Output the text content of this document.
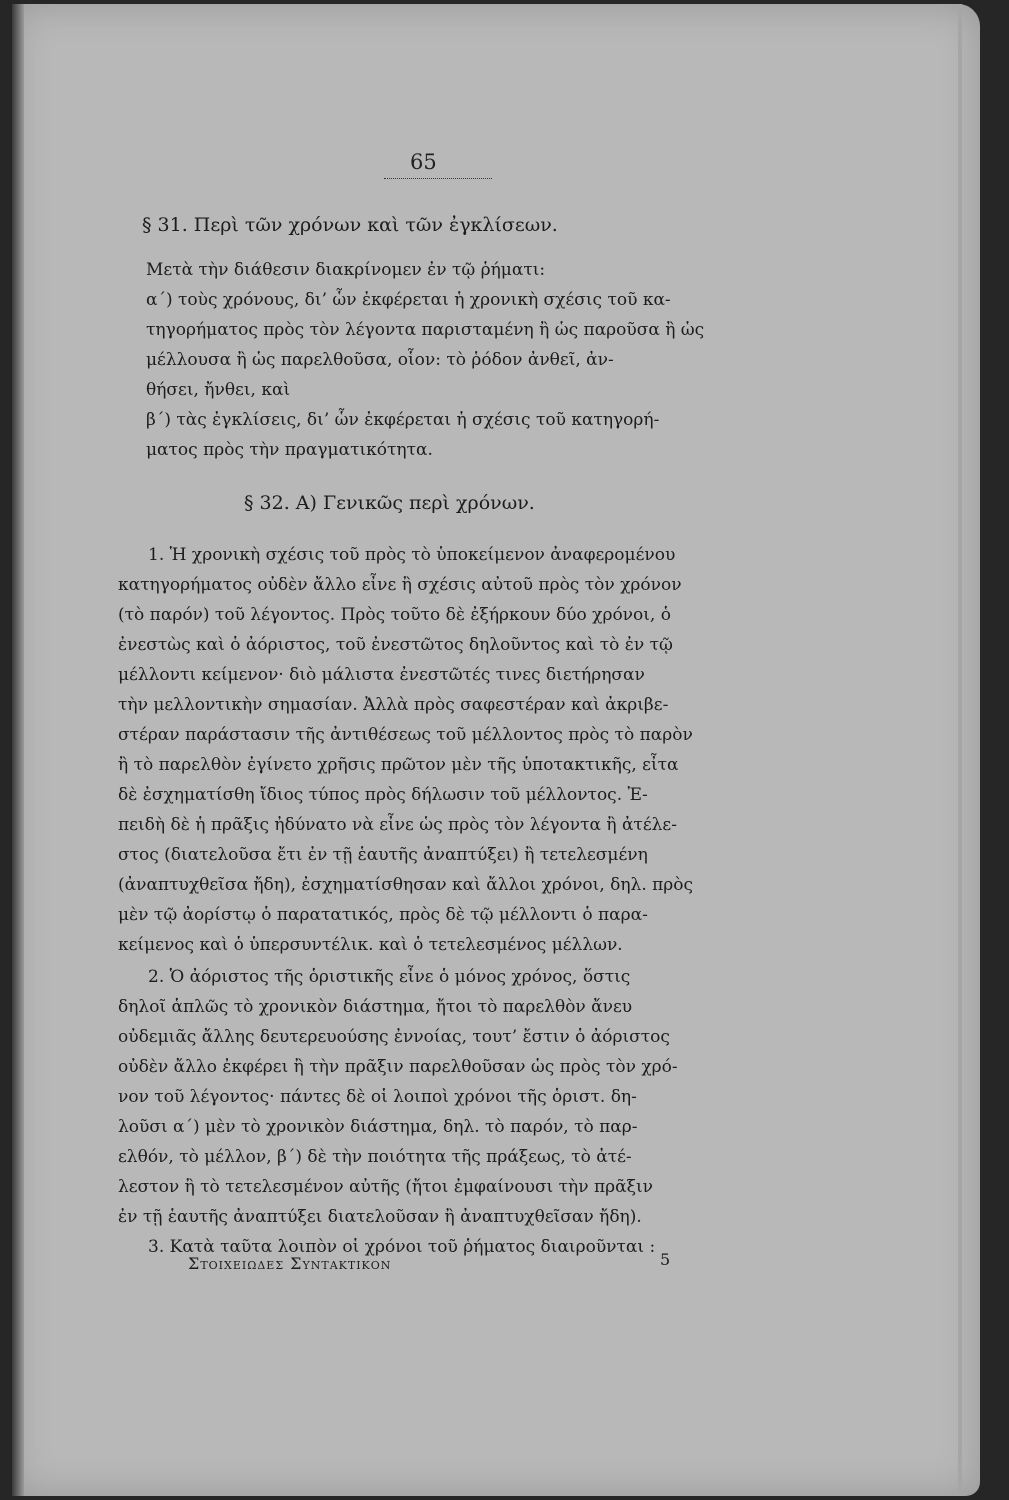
65
§ 31. Περὶ τῶν χρόνων καὶ τῶν ἐγκλίσεων.
Μετὰ τὴν διάθεσιν διακρίνομεν ἐν τῷ ῥήματι:
α΄) τοὺς χρόνους, δι’ ὧν ἐκφέρεται ἡ χρονικὴ σχέσις τοῦ κα-
τηγορήματος πρὸς τὸν λέγοντα παρισταμένη ἢ ὡς παροῦσα ἢ ὡς
μέλλουσα ἢ ὡς παρελθοῦσα, οἷον: τὸ ῥόδον ἀνθεῖ, ἀν-
θήσει, ἤνθει, καὶ
β΄) τὰς ἐγκλίσεις, δι’ ὧν ἐκφέρεται ἡ σχέσις τοῦ κατηγορή-
ματος πρὸς τὴν πραγματικότητα.
§ 32. Α) Γενικῶς περὶ χρόνων.
1. Ἡ χρονικὴ σχέσις τοῦ πρὸς τὸ ὑποκείμενον ἀναφερομένου
κατηγορήματος οὐδὲν ἄλλο εἶνε ἢ σχέσις αὐτοῦ πρὸς τὸν χρόνον
(τὸ παρόν) τοῦ λέγοντος. Πρὸς τοῦτο δὲ ἐξήρκουν δύο χρόνοι, ὁ
ἐνεστὼς καὶ ὁ ἀόριστος, τοῦ ἐνεστῶτος δηλοῦντος καὶ τὸ ἐν τῷ
μέλλοντι κείμενον· διὸ μάλιστα ἐνεστῶτές τινες διετήρησαν
τὴν μελλοντικὴν σημασίαν. Ἀλλὰ πρὸς σαφεστέραν καὶ ἀκριβε-
στέραν παράστασιν τῆς ἀντιθέσεως τοῦ μέλλοντος πρὸς τὸ παρὸν
ἢ τὸ παρελθὸν ἐγίνετο χρῆσις πρῶτον μὲν τῆς ὑποτακτικῆς, εἶτα
δὲ ἐσχηματίσθη ἴδιος τύπος πρὸς δήλωσιν τοῦ μέλλοντος. Ἐ-
πειδὴ δὲ ἡ πρᾶξις ἠδύνατο νὰ εἶνε ὡς πρὸς τὸν λέγοντα ἢ ἀτέλε-
στος (διατελοῦσα ἔτι ἐν τῇ ἑαυτῆς ἀναπτύξει) ἢ τετελεσμένη
(ἀναπτυχθεῖσα ἤδη), ἐσχηματίσθησαν καὶ ἄλλοι χρόνοι, δηλ. πρὸς
μὲν τῷ ἀορίστῳ ὁ παρατατικός, πρὸς δὲ τῷ μέλλοντι ὁ παρα-
κείμενος καὶ ὁ ὑπερσυντέλικ. καὶ ὁ τετελεσμένος μέλλων.
2. Ὁ ἀόριστος τῆς ὁριστικῆς εἶνε ὁ μόνος χρόνος, ὅστις
δηλοῖ ἁπλῶς τὸ χρονικὸν διάστημα, ἤτοι τὸ παρελθὸν ἄνευ
οὐδεμιᾶς ἄλλης δευτερευούσης ἐννοίας, τουτ’ ἔστιν ὁ ἀόριστος
οὐδὲν ἄλλο ἐκφέρει ἢ τὴν πρᾶξιν παρελθοῦσαν ὡς πρὸς τὸν χρό-
νον τοῦ λέγοντος· πάντες δὲ οἱ λοιποὶ χρόνοι τῆς ὁριστ. δη-
λοῦσι α΄) μὲν τὸ χρονικὸν διάστημα, δηλ. τὸ παρόν, τὸ παρ-
ελθόν, τὸ μέλλον, β΄) δὲ τὴν ποιότητα τῆς πράξεως, τὸ ἀτέ-
λεστον ἢ τὸ τετελεσμένον αὐτῆς (ἤτοι ἐμφαίνουσι τὴν πρᾶξιν
ἐν τῇ ἑαυτῆς ἀναπτύξει διατελοῦσαν ἢ ἀναπτυχθεῖσαν ἤδη).
3. Κατὰ ταῦτα λοιπὸν οἱ χρόνοι τοῦ ῥήματος διαιροῦνται :
Στοιχειωδεσ Συντακτικον	5
